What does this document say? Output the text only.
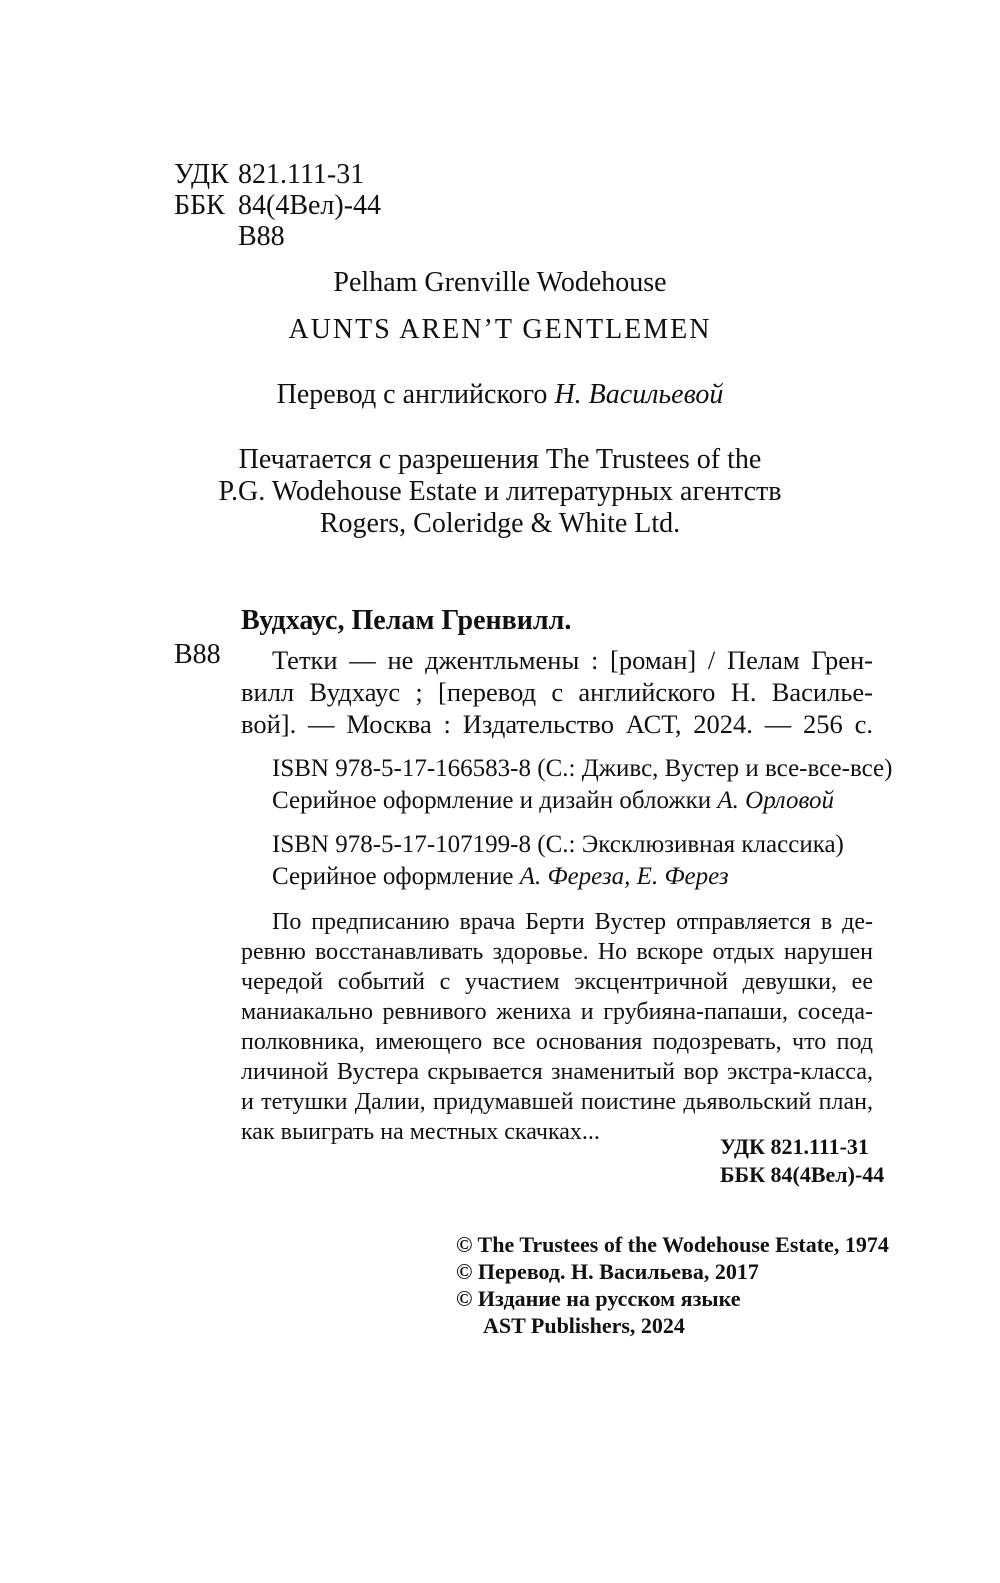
УДК 821.111-31
ББК 84(4Вел)-44
В88
Pelham Grenville Wodehouse
AUNTS AREN’T GENTLEMEN
Перевод с английского Н. Васильевой
Печатается с разрешения The Trustees of the
P.G. Wodehouse Estate и литературных агентств
Rogers, Coleridge & White Ltd.
Вудхаус, Пелам Гренвилл.
В88 Тетки — не джентльмены : [роман] / Пелам Грен-
вилл Вудхаус ; [перевод с английского Н. Василье-
вой]. — Москва : Издательство АСТ, 2024. — 256 с.
ISBN 978-5-17-166583-8 (С.: Дживс, Вустер и все-все-все)
Серийное оформление и дизайн обложки А. Орловой
ISBN 978-5-17-107199-8 (С.: Эксклюзивная классика)
Серийное оформление А. Фереза, Е. Ферез
По предписанию врача Берти Вустер отправляется в де-
ревню восстанавливать здоровье. Но вскоре отдых нарушен
чередой событий с участием эксцентричной девушки, ее
маниакально ревнивого жениха и грубияна-папаши, соседа-
полковника, имеющего все основания подозревать, что под
личиной Вустера скрывается знаменитый вор экстра-класса,
и тетушки Далии, придумавшей поистине дьявольский план,
как выиграть на местных скачках...
УДК 821.111-31
ББК 84(4Вел)-44
© The Trustees of the Wodehouse Estate, 1974
© Перевод. Н. Васильева, 2017
© Издание на русском языке
AST Publishers, 2024
